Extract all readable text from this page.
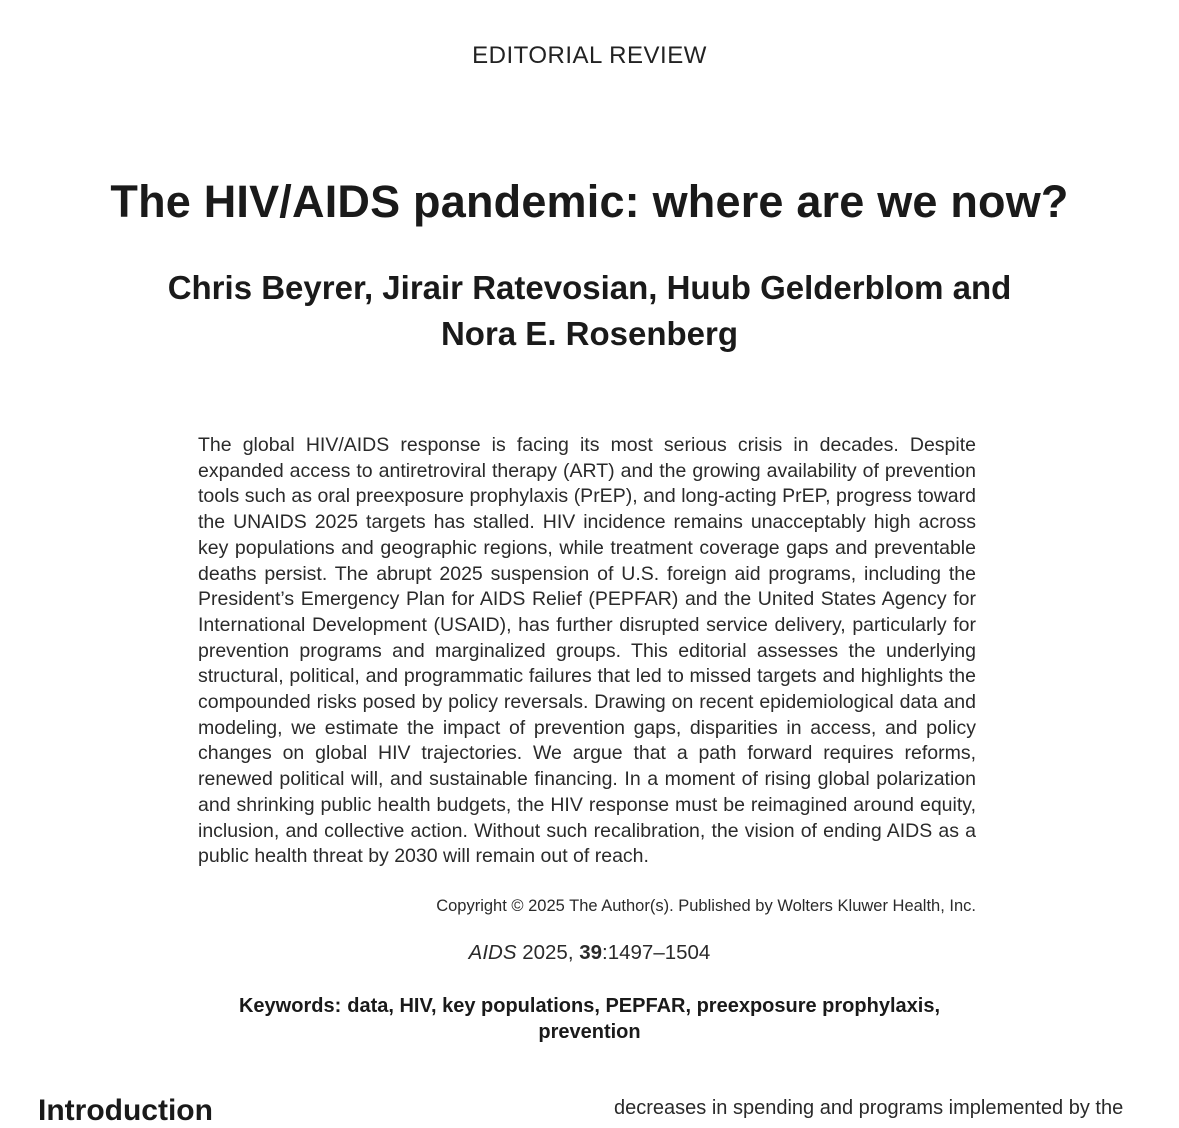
EDITORIAL REVIEW
The HIV/AIDS pandemic: where are we now?
Chris Beyrer, Jirair Ratevosian, Huub Gelderblom and Nora E. Rosenberg

The global HIV/AIDS response is facing its most serious crisis in decades. Despite expanded access to antiretroviral therapy (ART) and the growing availability of prevention tools such as oral preexposure prophylaxis (PrEP), and long-acting PrEP, progress toward the UNAIDS 2025 targets has stalled. HIV incidence remains unacceptably high across key populations and geographic regions, while treatment coverage gaps and preventable deaths persist. The abrupt 2025 suspension of U.S. foreign aid programs, including the President’s Emergency Plan for AIDS Relief (PEPFAR) and the United States Agency for International Development (USAID), has further disrupted service delivery, particularly for prevention programs and marginalized groups. This editorial assesses the underlying structural, political, and programmatic failures that led to missed targets and highlights the compounded risks posed by policy reversals. Drawing on recent epidemiological data and modeling, we estimate the impact of prevention gaps, disparities in access, and policy changes on global HIV trajectories. We argue that a path forward requires reforms, renewed political will, and sustainable financing. In a moment of rising global polarization and shrinking public health budgets, the HIV response must be reimagined around equity, inclusion, and collective action. Without such recalibration, the vision of ending AIDS as a public health threat by 2030 will remain out of reach.

Copyright © 2025 The Author(s). Published by Wolters Kluwer Health, Inc.
AIDS 2025, 39:1497–1504
Keywords: data, HIV, key populations, PEPFAR, preexposure prophylaxis, prevention
Introduction	decreases in spending and programs implemented by the
